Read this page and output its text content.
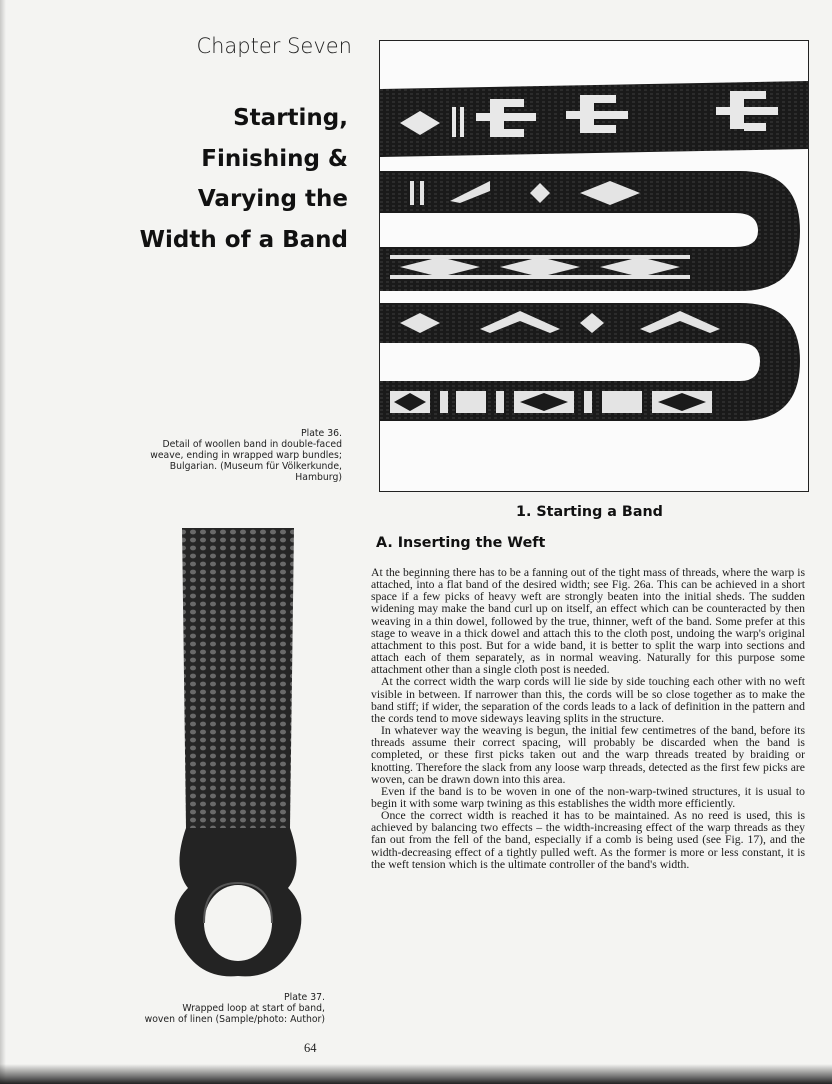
Chapter Seven
Starting,
Finishing &
Varying the
Width of a Band
Plate 36.
Detail of woollen band in double-faced
weave, ending in wrapped warp bundles;
Bulgarian. (Museum für Völkerkunde,
Hamburg)
Plate 37.
Wrapped loop at start of band,
woven of linen (Sample/photo: Author)
1. Starting a Band
A. Inserting the Weft

At the beginning there has to be a fanning out of the tight mass of threads, where the warp is attached, into a flat band of the desired width; see Fig. 26a. This can be achieved in a short space if a few picks of heavy weft are strongly beaten into the initial sheds. The sudden widening may make the band curl up on itself, an effect which can be counteracted by then weaving in a thin dowel, followed by the true, thinner, weft of the band. Some prefer at this stage to weave in a thick dowel and attach this to the cloth post, undoing the warp's original attachment to this post. But for a wide band, it is better to split the warp into sections and attach each of them separately, as in normal weaving. Naturally for this purpose some attachment other than a single cloth post is needed.

At the correct width the warp cords will lie side by side touching each other with no weft visible in between. If narrower than this, the cords will be so close together as to make the band stiff; if wider, the separation of the cords leads to a lack of definition in the pattern and the cords tend to move sideways leaving splits in the structure.

In whatever way the weaving is begun, the initial few centimetres of the band, before its threads assume their correct spacing, will probably be discarded when the band is completed, or these first picks taken out and the warp threads treated by braiding or knotting. Therefore the slack from any loose warp threads, detected as the first few picks are woven, can be drawn down into this area.

Even if the band is to be woven in one of the non-warp-twined structures, it is usual to begin it with some warp twining as this establishes the width more efficiently.

Once the correct width is reached it has to be maintained. As no reed is used, this is achieved by balancing two effects – the width-increasing effect of the warp threads as they fan out from the fell of the band, especially if a comb is being used (see Fig. 17), and the width-decreasing effect of a tightly pulled weft. As the former is more or less constant, it is the weft tension which is the ultimate controller of the band's width.

64
